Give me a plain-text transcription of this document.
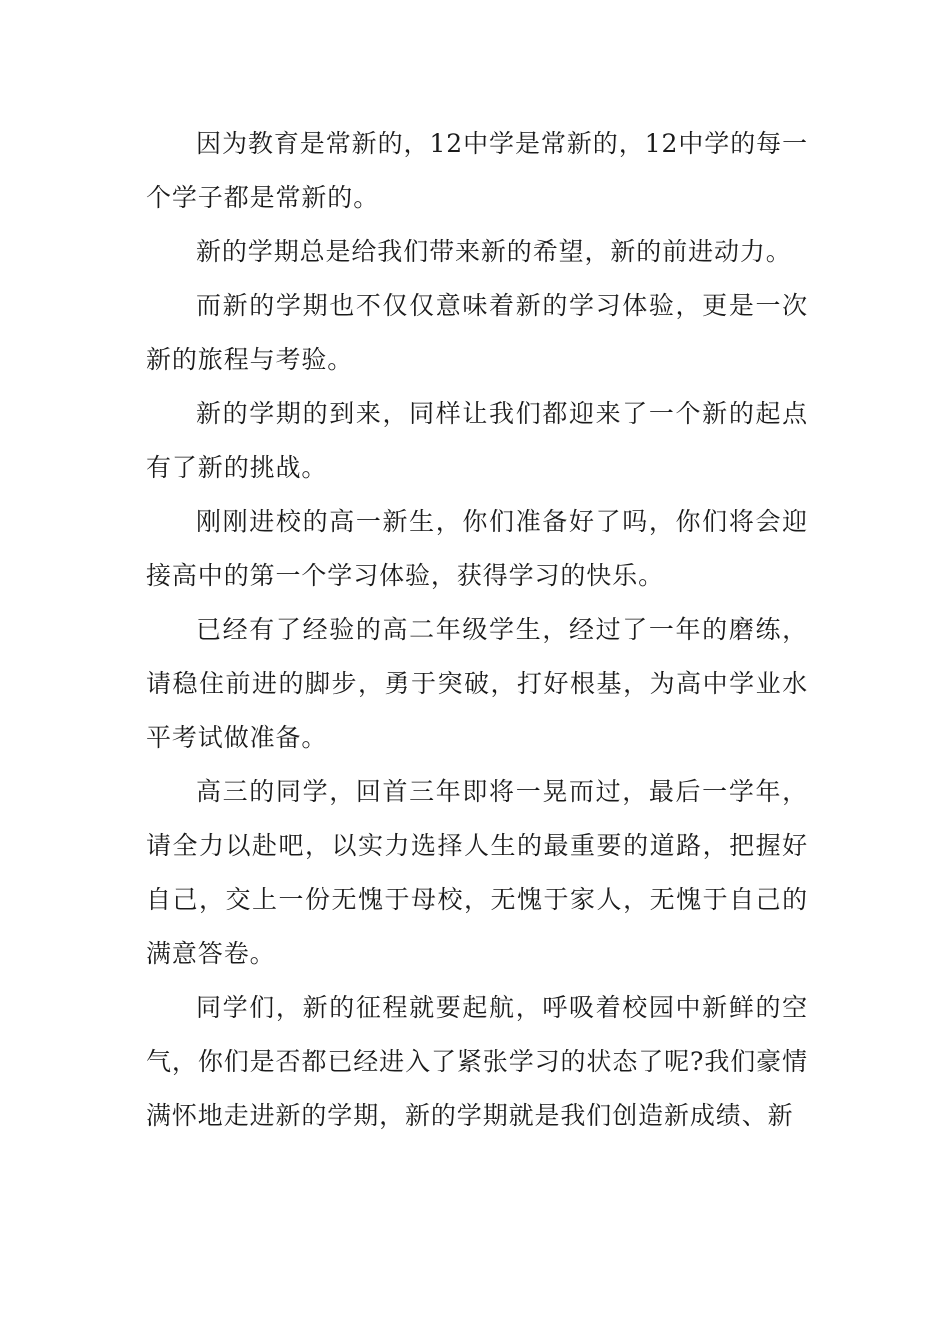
因为教育是常新的，12中学是常新的，12中学的每一个学子都是常新的。

新的学期总是给我们带来新的希望，新的前进动力。

而新的学期也不仅仅意味着新的学习体验，更是一次新的旅程与考验。

新的学期的到来，同样让我们都迎来了一个新的起点有了新的挑战。

刚刚进校的高一新生，你们准备好了吗，你们将会迎接高中的第一个学习体验，获得学习的快乐。

已经有了经验的高二年级学生，经过了一年的磨练，请稳住前进的脚步，勇于突破，打好根基，为高中学业水平考试做准备。

高三的同学，回首三年即将一晃而过，最后一学年，请全力以赴吧，以实力选择人生的最重要的道路，把握好自己，交上一份无愧于母校，无愧于家人，无愧于自己的满意答卷。

同学们，新的征程就要起航，呼吸着校园中新鲜的空气，你们是否都已经进入了紧张学习的状态了呢?我们豪情满怀地走进新的学期，新的学期就是我们创造新成绩、新
